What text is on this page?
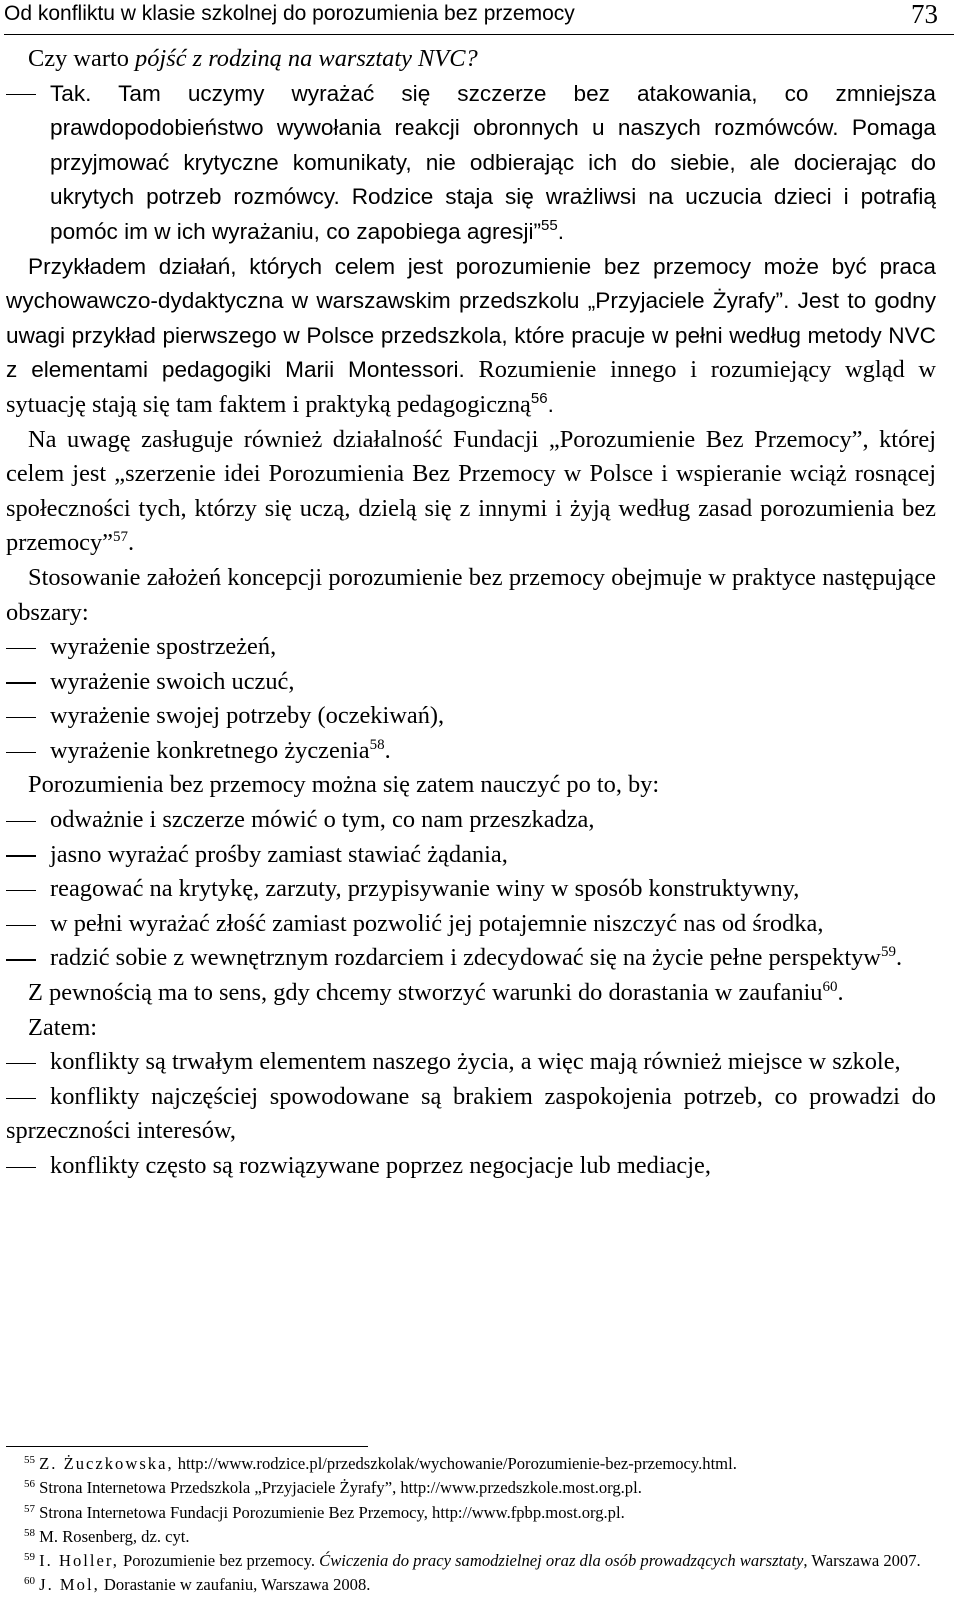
Od konfliktu w klasie szkolnej do porozumienia bez przemocy	73

Czy warto pójść z rodziną na warsztaty NVC?

Tak. Tam uczymy wyrażać się szczerze bez atakowania, co zmniejsza prawdopodobieństwo wywołania reakcji obronnych u naszych rozmówców. Pomaga przyjmować krytyczne komunikaty, nie odbierając ich do siebie, ale docierając do ukrytych potrzeb rozmówcy. Rodzice staja się wrażliwsi na uczucia dzieci i potrafią pomóc im w ich wyrażaniu, co zapobiega agresji”$^{55}$.

Przykładem działań, których celem jest porozumienie bez przemocy może być praca wychowawczo-dydaktyczna w warszawskim przedszkolu „Przyjaciele Żyrafy”. Jest to godny uwagi przykład pierwszego w Polsce przedszkola, które pracuje w pełni według metody NVC z elementami pedagogiki Marii Montessori. Rozumienie innego i rozumiejący wgląd w sytuację stają się tam faktem i praktyką pedagogiczną$^{56}$.

Na uwagę zasługuje również działalność Fundacji „Porozumienie Bez Przemocy”, której celem jest „szerzenie idei Porozumienia Bez Przemocy w Polsce i wspieranie wciąż rosnącej społeczności tych, którzy się uczą, dzielą się z innymi i żyją według zasad porozumienia bez przemocy”$^{57}$.

Stosowanie założeń koncepcji porozumienie bez przemocy obejmuje w praktyce następujące obszary:

wyrażenie spostrzeżeń,

wyrażenie swoich uczuć,

wyrażenie swojej potrzeby (oczekiwań),

wyrażenie konkretnego życzenia$^{58}$.

Porozumienia bez przemocy można się zatem nauczyć po to, by:

odważnie i szczerze mówić o tym, co nam przeszkadza,

jasno wyrażać prośby zamiast stawiać żądania,

reagować na krytykę, zarzuty, przypisywanie winy w sposób konstruktywny,

w pełni wyrażać złość zamiast pozwolić jej potajemnie niszczyć nas od środka,

radzić sobie z wewnętrznym rozdarciem i zdecydować się na życie pełne perspektyw$^{59}$.

Z pewnością ma to sens, gdy chcemy stworzyć warunki do dorastania w zaufaniu$^{60}$.

Zatem:

konflikty są trwałym elementem naszego życia, a więc mają również miejsce w szkole,

konflikty najczęściej spowodowane są brakiem zaspokojenia potrzeb, co prowadzi do sprzeczności interesów,

konflikty często są rozwiązywane poprzez negocjacje lub mediacje,

$^{55}$ Z. Żuczkowska, http://www.rodzice.pl/przedszkolak/wychowanie/Porozumienie-bez-przemocy.html.

$^{56}$ Strona Internetowa Przedszkola „Przyjaciele Żyrafy”, http://www.przedszkole.most.org.pl.

$^{57}$ Strona Internetowa Fundacji Porozumienie Bez Przemocy, http://www.fpbp.most.org.pl.

$^{58}$ M. Rosenberg, dz. cyt.

$^{59}$ I. Holler, Porozumienie bez przemocy. Ćwiczenia do pracy samodzielnej oraz dla osób prowadzących warsztaty, Warszawa 2007.

$^{60}$ J. Mol, Dorastanie w zaufaniu, Warszawa 2008.
